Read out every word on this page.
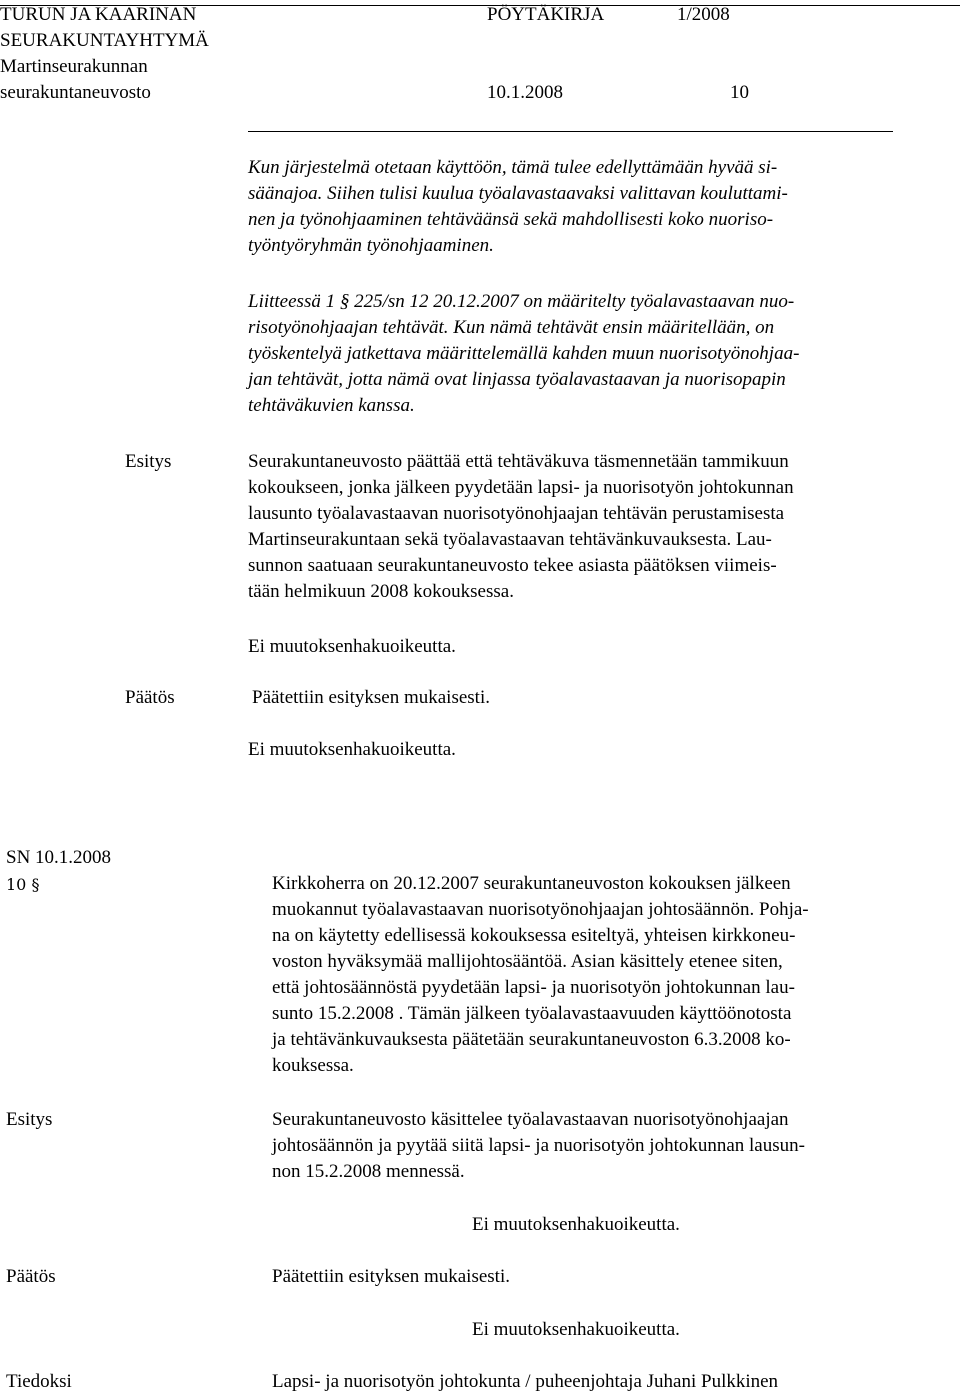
TURUN JA KAARINAN
SEURAKUNTAYHTYMÄ
Martinseurakunnan
seurakuntaneuvosto
PÖYTÄKIRJA	1/2008
10.1.2008	10
Kun järjestelmä otetaan käyttöön, tämä tulee edellyttämään hyvää si-
säänajoa. Siihen tulisi kuulua työalavastaavaksi valittavan kouluttami-
nen ja työnohjaaminen tehtäväänsä sekä mahdollisesti koko nuoriso-
työntyöryhmän työnohjaaminen.
Liitteessä 1 § 225/sn 12 20.12.2007 on määritelty työalavastaavan nuo-
risotyönohjaajan tehtävät. Kun nämä tehtävät ensin määritellään, on
työskentelyä jatkettava määrittelemällä kahden muun nuorisotyönohjaa-
jan tehtävät, jotta nämä ovat linjassa työalavastaavan ja nuorisopapin
tehtäväkuvien kanssa.
Esitys	Seurakuntaneuvosto päättää että tehtäväkuva täsmennetään tammikuun
kokoukseen, jonka jälkeen pyydetään lapsi- ja nuorisotyön johtokunnan
lausunto työalavastaavan nuorisotyönohjaajan tehtävän perustamisesta
Martinseurakuntaan sekä työalavastaavan tehtävänkuvauksesta. Lau-
sunnon saatuaan seurakuntaneuvosto tekee asiasta päätöksen viimeis-
tään helmikuun 2008 kokouksessa.
Ei muutoksenhakuoikeutta.
Päätös	Päätettiin esityksen mukaisesti.
Ei muutoksenhakuoikeutta.
SN 10.1.2008
10 §	Kirkkoherra on 20.12.2007 seurakuntaneuvoston kokouksen jälkeen
muokannut työalavastaavan nuorisotyönohjaajan johtosäännön. Pohja-
na on käytetty edellisessä kokouksessa esiteltyä, yhteisen kirkkoneu-
voston hyväksymää mallijohtosääntöä. Asian käsittely etenee siten,
että johtosäännöstä pyydetään lapsi- ja nuorisotyön johtokunnan lau-
sunto 15.2.2008 . Tämän jälkeen työalavastaavuuden käyttöönotosta
ja tehtävänkuvauksesta päätetään seurakuntaneuvoston 6.3.2008 ko-
kouksessa.
Esitys	Seurakuntaneuvosto käsittelee työalavastaavan nuorisotyönohjaajan
johtosäännön ja pyytää siitä lapsi- ja nuorisotyön johtokunnan lausun-
non 15.2.2008 mennessä.
Ei muutoksenhakuoikeutta.
Päätös	Päätettiin esityksen mukaisesti.
Ei muutoksenhakuoikeutta.
Tiedoksi	Lapsi- ja nuorisotyön johtokunta / puheenjohtaja Juhani Pulkkinen
